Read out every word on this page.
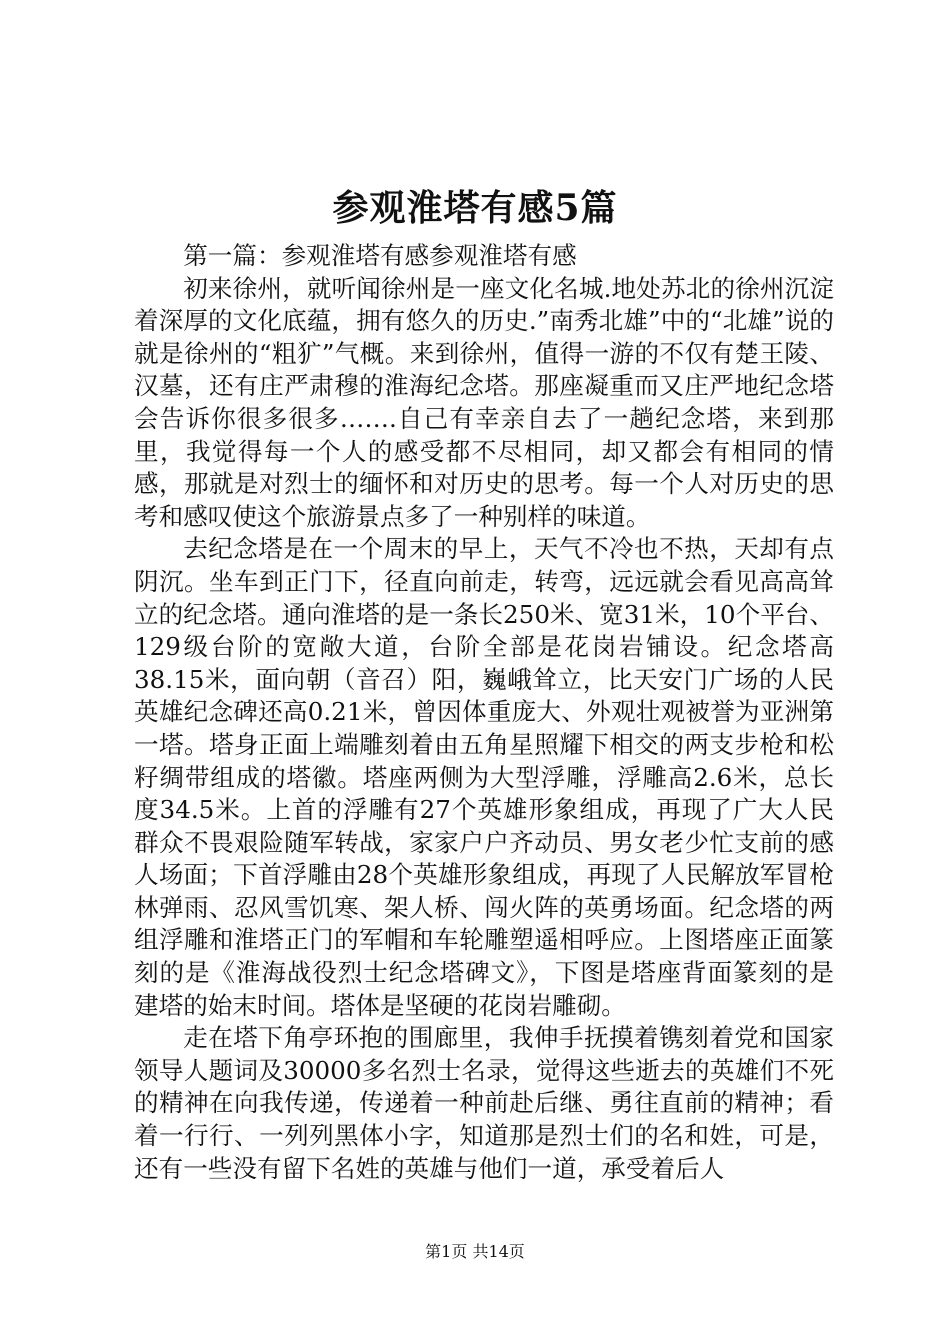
参观淮塔有感5篇

第一篇：参观淮塔有感参观淮塔有感

初来徐州，就听闻徐州是一座文化名城.地处苏北的徐州沉淀着深厚的文化底蕴，拥有悠久的历史.”南秀北雄”中的“北雄”说的就是徐州的“粗犷”气概。来到徐州，值得一游的不仅有楚王陵、汉墓，还有庄严肃穆的淮海纪念塔。那座凝重而又庄严地纪念塔会告诉你很多很多…….自己有幸亲自去了一趟纪念塔，来到那里，我觉得每一个人的感受都不尽相同，却又都会有相同的情感，那就是对烈士的缅怀和对历史的思考。每一个人对历史的思考和感叹使这个旅游景点多了一种别样的味道。

去纪念塔是在一个周末的早上，天气不冷也不热，天却有点阴沉。坐车到正门下，径直向前走，转弯，远远就会看见高高耸立的纪念塔。通向淮塔的是一条长250米、宽31米，10个平台、129级台阶的宽敞大道，台阶全部是花岗岩铺设。纪念塔高38.15米，面向朝（音召）阳，巍峨耸立，比天安门广场的人民英雄纪念碑还高0.21米，曾因体重庞大、外观壮观被誉为亚洲第一塔。塔身正面上端雕刻着由五角星照耀下相交的两支步枪和松籽绸带组成的塔徽。塔座两侧为大型浮雕，浮雕高2.6米，总长度34.5米。上首的浮雕有27个英雄形象组成，再现了广大人民群众不畏艰险随军转战，家家户户齐动员、男女老少忙支前的感人场面；下首浮雕由28个英雄形象组成，再现了人民解放军冒枪林弹雨、忍风雪饥寒、架人桥、闯火阵的英勇场面。纪念塔的两组浮雕和淮塔正门的军帽和车轮雕塑遥相呼应。上图塔座正面篆刻的是《淮海战役烈士纪念塔碑文》，下图是塔座背面篆刻的是建塔的始末时间。塔体是坚硬的花岗岩雕砌。

走在塔下角亭环抱的围廊里，我伸手抚摸着镌刻着党和国家领导人题词及30000多名烈士名录，觉得这些逝去的英雄们不死的精神在向我传递，传递着一种前赴后继、勇往直前的精神；看着一行行、一列列黑体小字，知道那是烈士们的名和姓，可是，还有一些没有留下名姓的英雄与他们一道，承受着后人

第1页 共14页
